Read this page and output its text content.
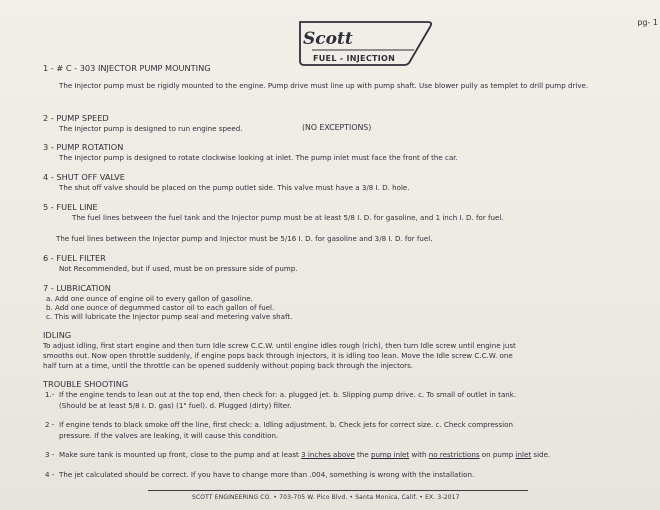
pg- 1
Scott
FUEL - INJECTION
1 - # C - 303 INJECTOR PUMP MOUNTING
The Injector pump must be rigidly mounted to the engine. Pump drive must line up with pump shaft. Use blower pully as templet to drill pump drive.
2 - PUMP SPEED
The Injector pump is designed to run engine speed.	(NO EXCEPTIONS)
3 - PUMP ROTATION
The Injector pump is designed to rotate clockwise looking at inlet. The pump inlet must face the front of the car.
4 - SHUT OFF VALVE
The shut off valve should be placed on the pump outlet side. This valve must have a 3/8 I. D. hole.
5 - FUEL LINE
The fuel lines between the fuel tank and the Injector pump must be at least 5/8 I. D. for gasoline, and 1 inch I. D. for fuel.
The fuel lines between the Injector pump and Injector must be 5/16 I. D. for gasoline and 3/8 I. D. for fuel.
6 - FUEL FILTER
Not Recommended, but if used, must be on pressure side of pump.
7 - LUBRICATION
a. Add one ounce of engine oil to every gallon of gasoline.
b. Add one ounce of degummed castor oil to each gallon of fuel.
c. This will lubricate the Injector pump seal and metering valve shaft.
IDLING
To adjust idling, first start engine and then turn Idle screw C.C.W. until engine idles rough (rich), then turn Idle screw until engine just
smooths out. Now open throttle suddenly, if engine pops back through injectors, it is idling too lean. Move the Idle screw C.C.W. one
half turn at a time, until the throttle can be opened suddenly without poping back through the injectors.
TROUBLE SHOOTING
1.- If the engine tends to lean out at the top end, then check for: a. plugged jet. b. Slipping pump drive. c. To small of outlet in tank.
(Should be at least 5/8 I. D. gas) (1" fuel). d. Plugged (dirty) filter.
2 - If engine tends to black smoke off the line, first check: a. Idling adjustment. b. Check jets for correct size. c. Check compression
pressure. If the valves are leaking, it will cause this condition.
3 - Make sure tank is mounted up front, close to the pump and at least 3 inches above the pump inlet with no restrictions on pump inlet side.
4 - The jet calculated should be correct. If you have to change more than .004, something is wrong with the installation.
SCOTT ENGINEERING CO. • 703-705 W. Pico Blvd. • Santa Monica, Calif. • EX. 3-2017
